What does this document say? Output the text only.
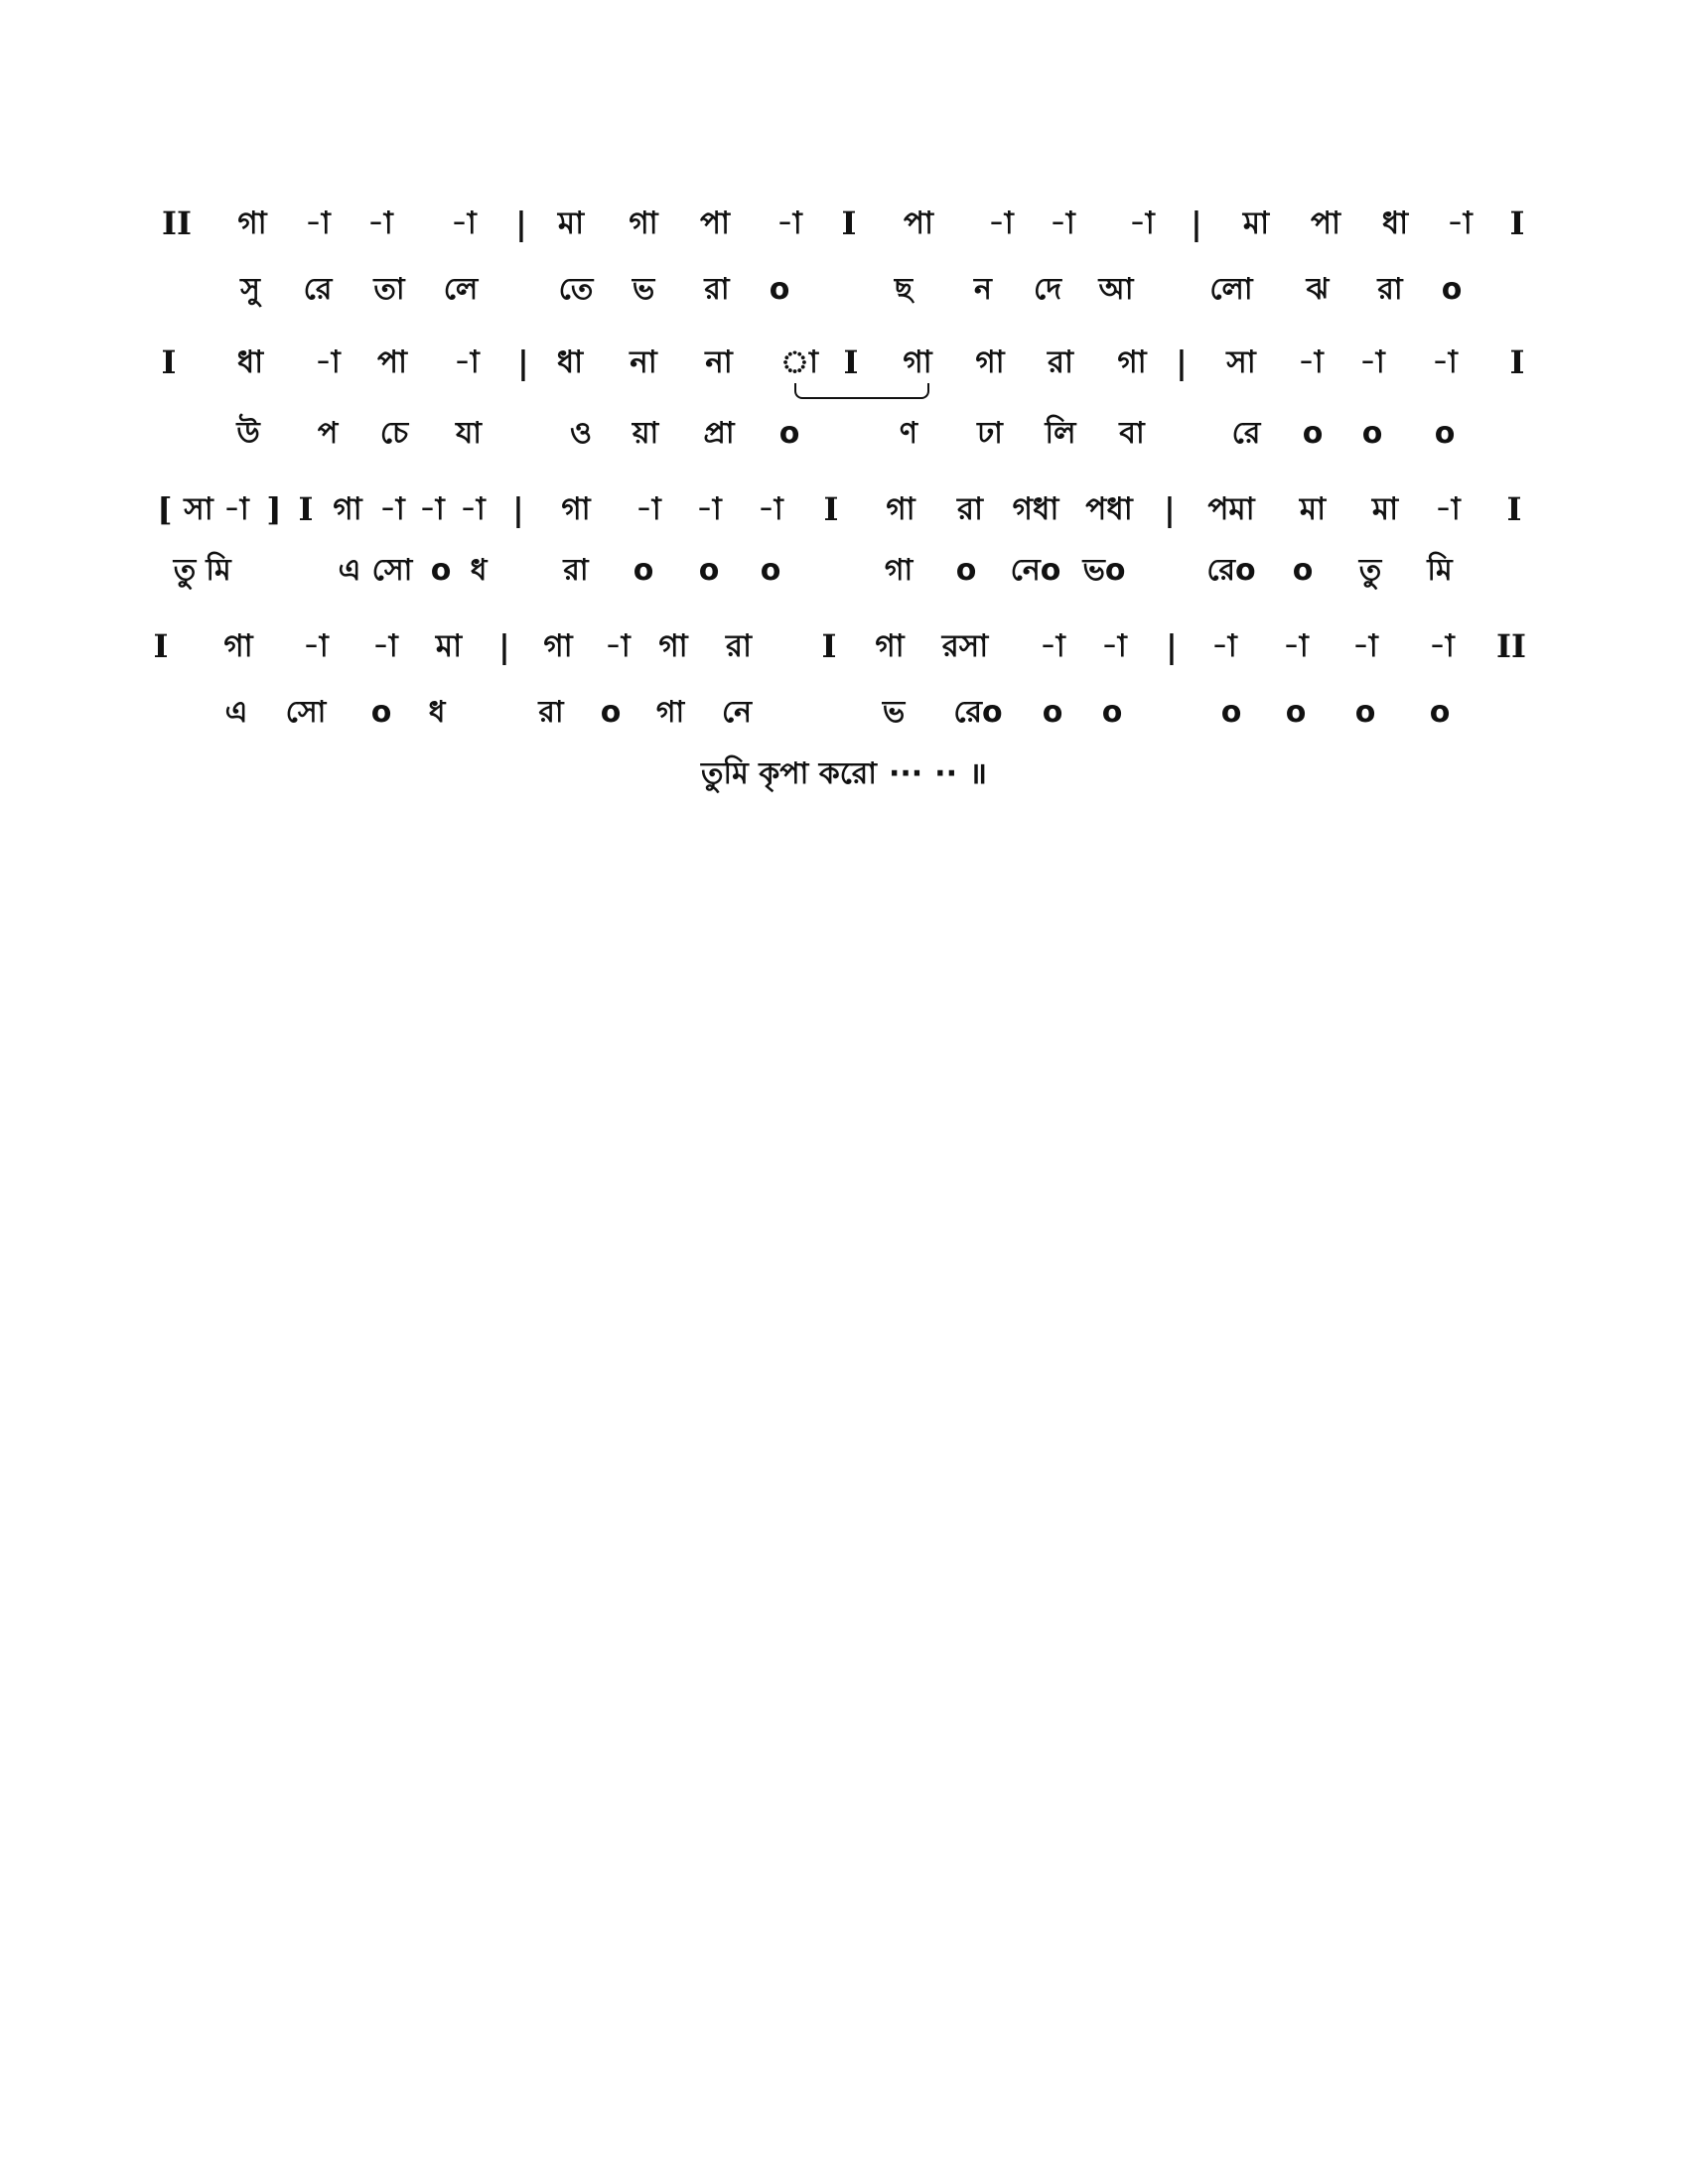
II গা -া -া -া | মা গা পা -া I পা -া -া -া | মা পা ধা -া I
সু রে তা লে	তে ভ রা o	ছ ন দে আ	লো ঝ রা o
I ধা -া পা -া | ধা না না া I গা গা রা গা | সা -া -া -া I
উ প চে যা	ও য়া প্রা o	ণ ঢা লি বা	রে o o o
[ সা -া ] I গা -া -া -া | গা -া -া -া I গা রা গধা পধা | পমা মা মা -া I
তু মি	এ সো o ধ	রা o o o	গা o নেo ভo	রেo o তু মি
I গা -া -া মা | গা -া গা রা I গা রসা -া -া | -া -া -া -া II
এ সো o ধ	রা o গা নে	ভ রেo o o	o o o o
তুমি কৃপা করো ··· ·· ॥
